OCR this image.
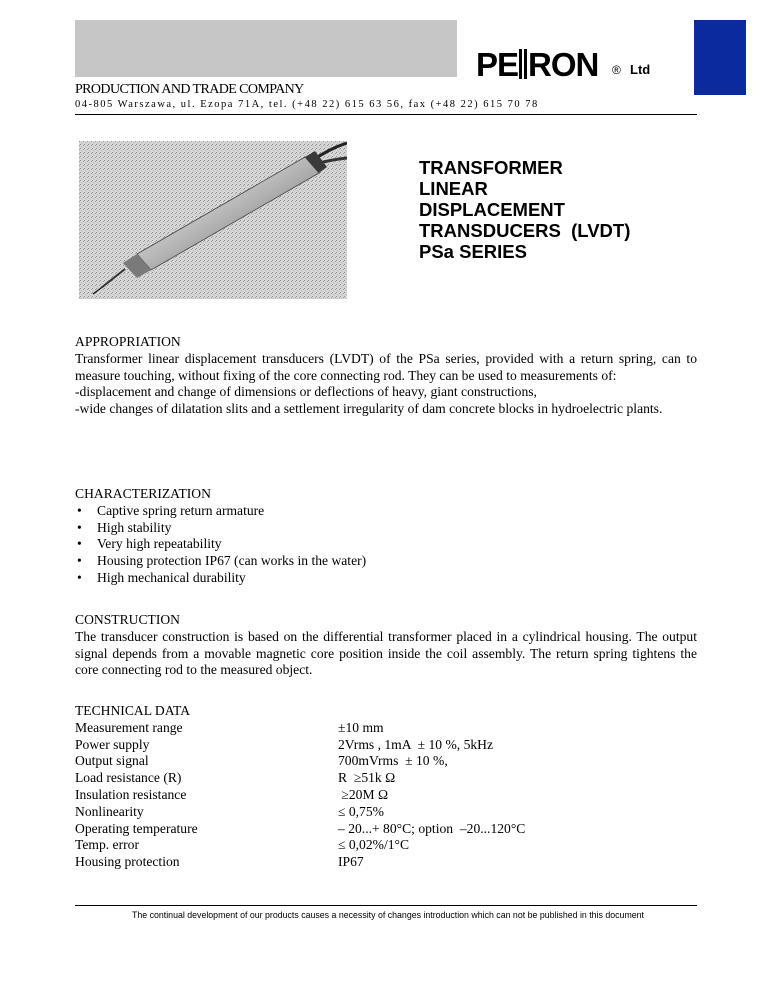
PE RON ® Ltd
PRODUCTION AND TRADE COMPANY
04-805 Warszawa, ul. Ezopa 71A, tel. (+48 22) 615 63 56, fax (+48 22) 615 70 78
TRANSFORMER
LINEAR
DISPLACEMENT
TRANSDUCERS  (LVDT)
PSa SERIES
APPROPRIATION

Transformer linear displacement transducers (LVDT) of the PSa series, provided with a return spring, can to measure touching, without fixing of the core connecting rod. They can be used to measurements of:

-displacement and change of dimensions or deflections of heavy, giant constructions,

-wide changes of dilatation slits and a settlement irregularity of dam concrete blocks in hydroelectric plants.

CHARACTERIZATION
• Captive spring return armature
• High stability
• Very high repeatability
• Housing protection IP67 (can works in the water)
• High mechanical durability
CONSTRUCTION

The transducer construction is based on the differential transformer placed in a cylindrical housing. The output signal depends from a movable magnetic core position inside the coil assembly. The return spring tightens the core connecting rod to the measured object.

TECHNICAL DATA
Measurement range	±10 mm
Power supply	2Vrms , 1mA  ± 10 %, 5kHz
Output signal	700mVrms  ± 10 %,
Load resistance (R)	R  ≥51k Ω
Insulation resistance	≥20M Ω
Nonlinearity	≤ 0,75%
Operating temperature	– 20...+ 80°C; option  –20...120°C
Temp. error	≤ 0,02%/1°C
Housing protection	IP67
The continual development of our products causes a necessity of changes introduction which can not be published in this document
